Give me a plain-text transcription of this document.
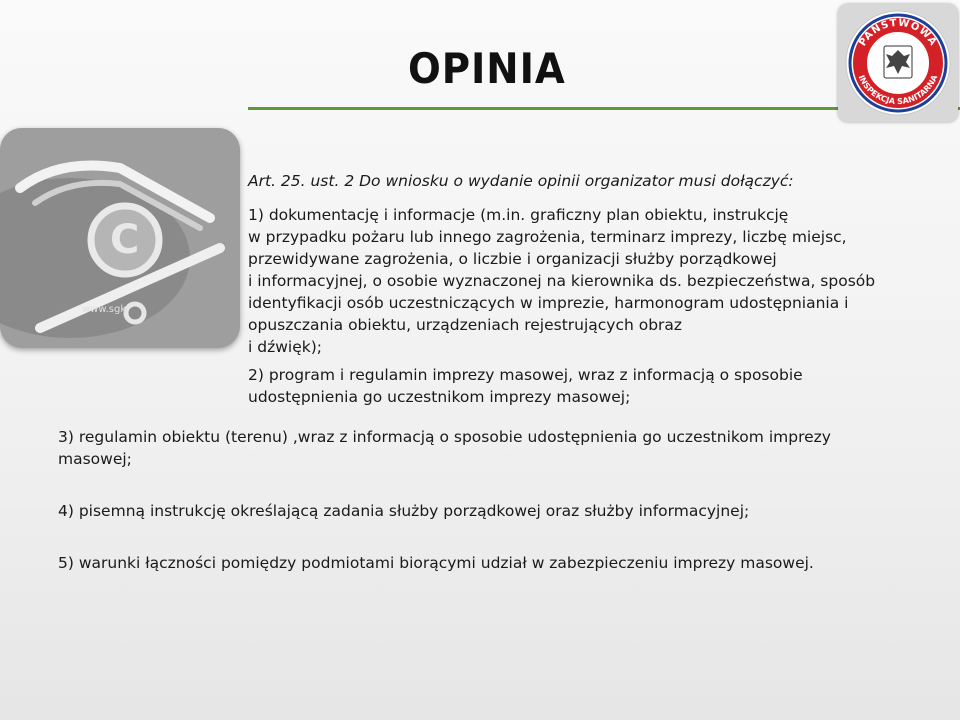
OPINIA
PAŃSTWOWA
INSPEKCJA SANITARNA
C
www.sgk
Art. 25. ust. 2 Do wniosku o wydanie opinii organizator musi dołączyć:
1) dokumentację i informacje (m.in. graficzny plan obiektu, instrukcję
w przypadku pożaru lub innego zagrożenia, terminarz imprezy, liczbę miejsc,
przewidywane zagrożenia, o liczbie i organizacji służby porządkowej
i informacyjnej, o osobie wyznaczonej na kierownika ds. bezpieczeństwa, sposób
identyfikacji osób uczestniczących w imprezie, harmonogram udostępniania i
opuszczania obiektu, urządzeniach rejestrujących obraz
i dźwięk);
2) program i regulamin imprezy masowej, wraz z informacją o sposobie
udostępnienia go uczestnikom imprezy masowej;
3) regulamin obiektu (terenu) ,wraz z informacją o sposobie udostępnienia go uczestnikom imprezy
masowej;
4) pisemną instrukcję określającą zadania służby porządkowej oraz służby informacyjnej;
5) warunki łączności pomiędzy podmiotami biorącymi udział w zabezpieczeniu imprezy masowej.
